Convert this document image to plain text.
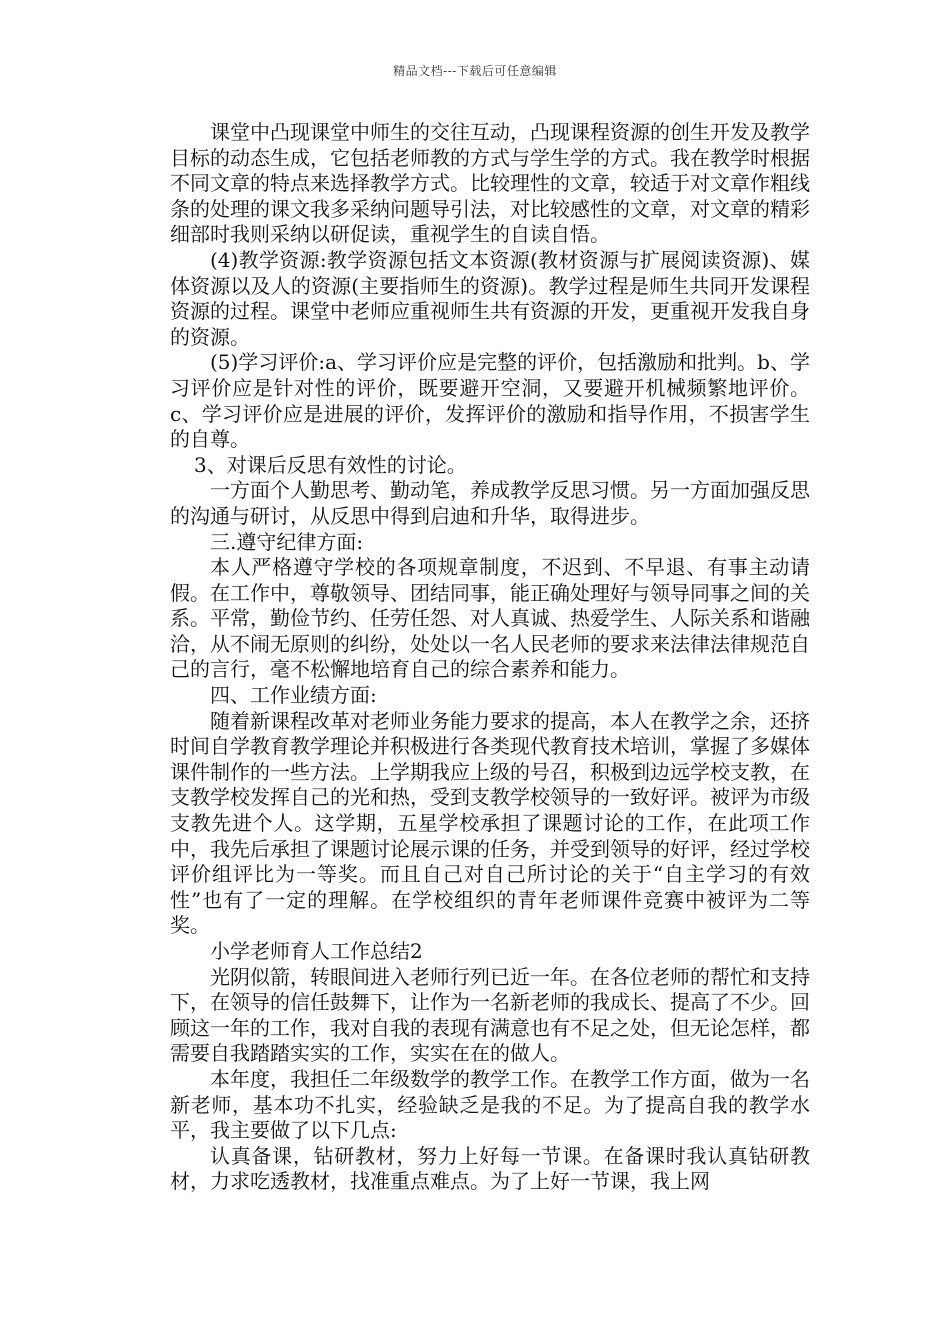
精品文档---下载后可任意编辑

课堂中凸现课堂中师生的交往互动，凸现课程资源的创生开发及教学目标的动态生成，它包括老师教的方式与学生学的方式。我在教学时根据不同文章的特点来选择教学方式。比较理性的文章，较适于对文章作粗线条的处理的课文我多采纳问题导引法，对比较感性的文章，对文章的精彩细部时我则采纳以研促读，重视学生的自读自悟。

(4)教学资源:教学资源包括文本资源(教材资源与扩展阅读资源)、媒体资源以及人的资源(主要指师生的资源)。教学过程是师生共同开发课程资源的过程。课堂中老师应重视师生共有资源的开发，更重视开发我自身的资源。

(5)学习评价:a、学习评价应是完整的评价，包括激励和批判。b、学习评价应是针对性的评价，既要避开空洞，又要避开机械频繁地评价。c、学习评价应是进展的评价，发挥评价的激励和指导作用，不损害学生的自尊。

3、对课后反思有效性的讨论。

一方面个人勤思考、勤动笔，养成教学反思习惯。另一方面加强反思的沟通与研讨，从反思中得到启迪和升华，取得进步。

三.遵守纪律方面:

本人严格遵守学校的各项规章制度，不迟到、不早退、有事主动请假。在工作中，尊敬领导、团结同事，能正确处理好与领导同事之间的关系。平常，勤俭节约、任劳任怨、对人真诚、热爱学生、人际关系和谐融洽，从不闹无原则的纠纷，处处以一名人民老师的要求来法律法律规范自己的言行，毫不松懈地培育自己的综合素养和能力。

四、工作业绩方面:

随着新课程改革对老师业务能力要求的提高，本人在教学之余，还挤时间自学教育教学理论并积极进行各类现代教育技术培训，掌握了多媒体课件制作的一些方法。上学期我应上级的号召，积极到边远学校支教，在支教学校发挥自己的光和热，受到支教学校领导的一致好评。被评为市级支教先进个人。这学期，五星学校承担了课题讨论的工作，在此项工作中，我先后承担了课题讨论展示课的任务，并受到领导的好评，经过学校评价组评比为一等奖。而且自己对自己所讨论的关于“自主学习的有效性”也有了一定的理解。在学校组织的青年老师课件竞赛中被评为二等奖。

小学老师育人工作总结2

光阴似箭，转眼间进入老师行列已近一年。在各位老师的帮忙和支持下，在领导的信任鼓舞下，让作为一名新老师的我成长、提高了不少。回顾这一年的工作，我对自我的表现有满意也有不足之处，但无论怎样，都需要自我踏踏实实的工作，实实在在的做人。

本年度，我担任二年级数学的教学工作。在教学工作方面，做为一名新老师，基本功不扎实，经验缺乏是我的不足。为了提高自我的教学水平，我主要做了以下几点:

认真备课，钻研教材，努力上好每一节课。在备课时我认真钻研教材，力求吃透教材，找准重点难点。为了上好一节课，我上网
